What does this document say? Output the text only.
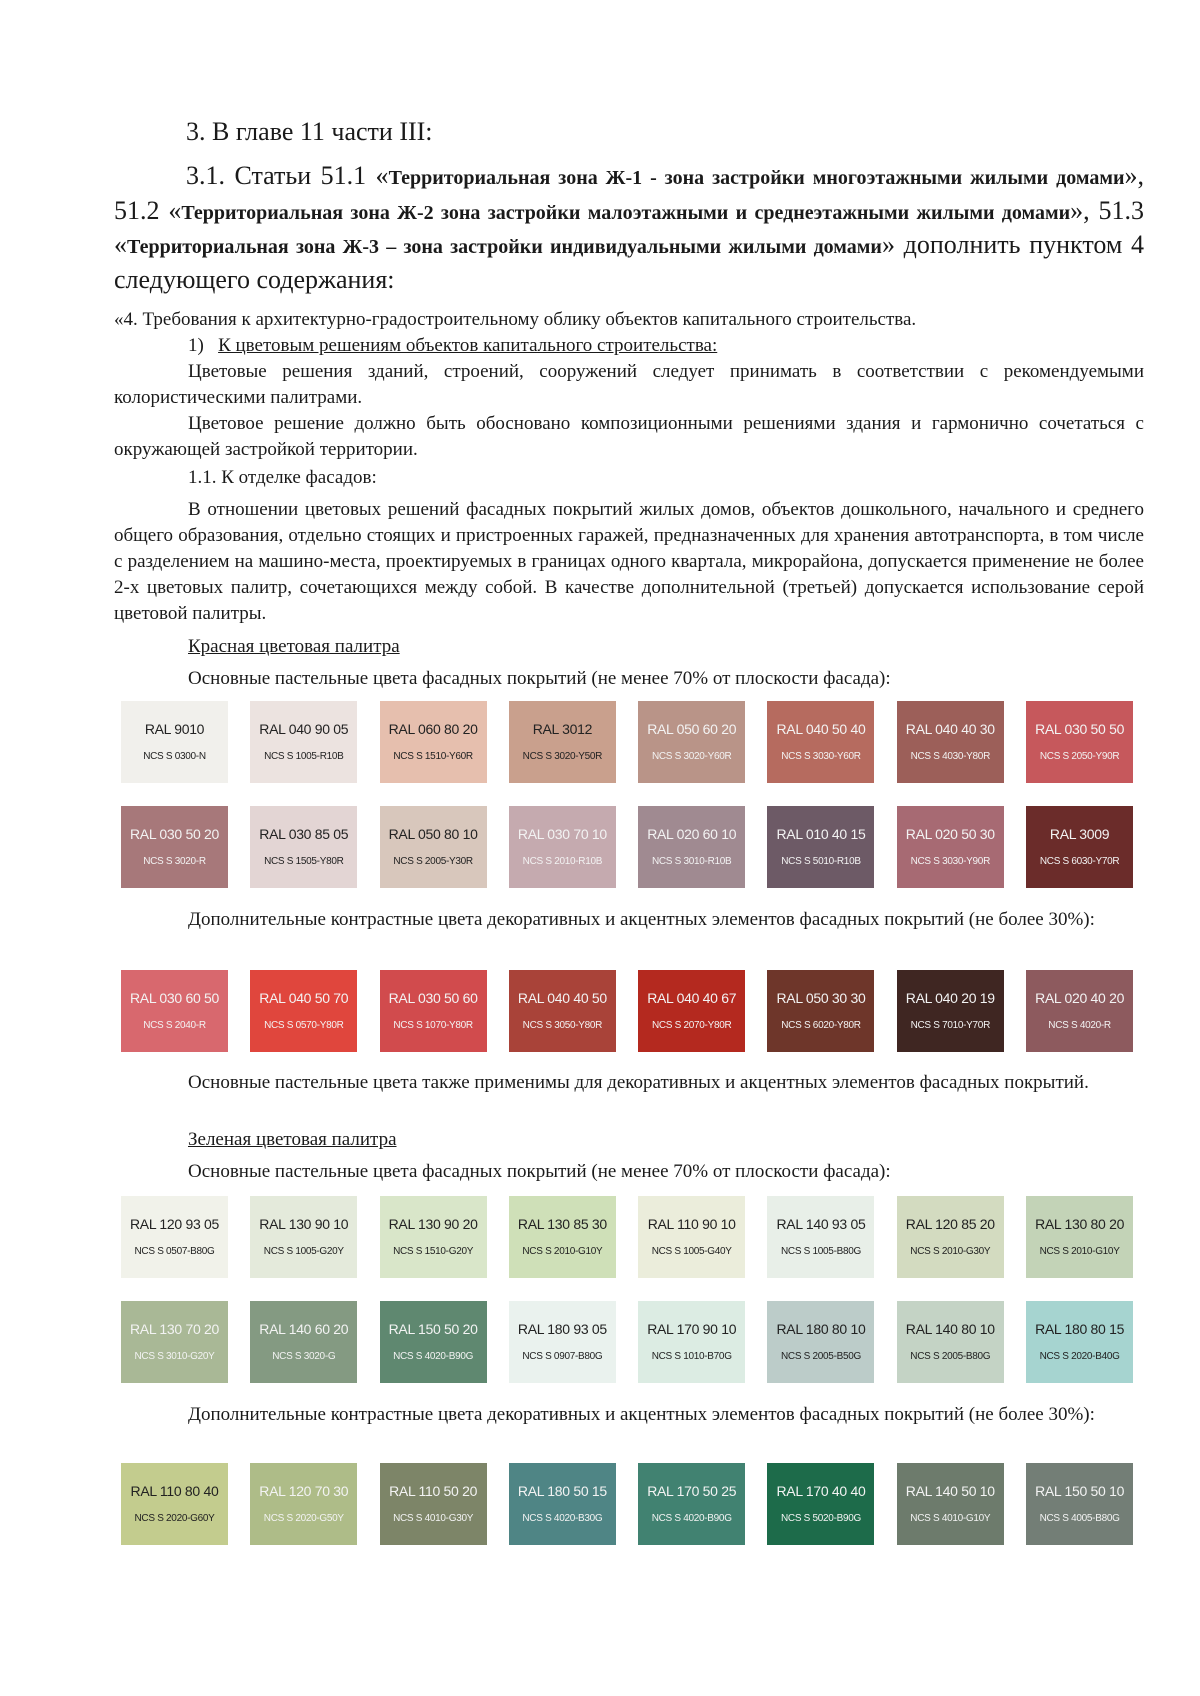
3. В главе 11 части III:
3.1. Статьи 51.1 «Территориальная зона Ж-1 - зона застройки многоэтажными жилыми домами», 51.2 «Территориальная зона Ж-2 зона застройки малоэтажными и среднеэтажными жилыми домами», 51.3 «Территориальная зона Ж-3 – зона застройки индивидуальными жилыми домами» дополнить пунктом 4 следующего содержания:
«4. Требования к архитектурно-градостроительному облику объектов капитального строительства.
1) К цветовым решениям объектов капитального строительства:
Цветовые решения зданий, строений, сооружений следует принимать в соответствии с рекомендуемыми колористическими палитрами.
Цветовое решение должно быть обосновано композиционными решениями здания и гармонично сочетаться с окружающей застройкой территории.
1.1. К отделке фасадов:
В отношении цветовых решений фасадных покрытий жилых домов, объектов дошкольного, начального и среднего общего образования, отдельно стоящих и пристроенных гаражей, предназначенных для хранения автотранспорта, в том числе с разделением на машино-места, проектируемых в границах одного квартала, микрорайона, допускается применение не более 2-х цветовых палитр, сочетающихся между собой. В качестве дополнительной (третьей) допускается использование серой цветовой палитры.
Красная цветовая палитра
Основные пастельные цвета фасадных покрытий (не менее 70% от плоскости фасада):
RAL 9010
NCS S 0300-N
RAL 040 90 05
NCS S 1005-R10B
RAL 060 80 20
NCS S 1510-Y60R
RAL 3012
NCS S 3020-Y50R
RAL 050 60 20
NCS S 3020-Y60R
RAL 040 50 40
NCS S 3030-Y60R
RAL 040 40 30
NCS S 4030-Y80R
RAL 030 50 50
NCS S 2050-Y90R
RAL 030 50 20
NCS S 3020-R
RAL 030 85 05
NCS S 1505-Y80R
RAL 050 80 10
NCS S 2005-Y30R
RAL 030 70 10
NCS S 2010-R10B
RAL 020 60 10
NCS S 3010-R10B
RAL 010 40 15
NCS S 5010-R10B
RAL 020 50 30
NCS S 3030-Y90R
RAL 3009
NCS S 6030-Y70R
Дополнительные контрастные цвета декоративных и акцентных элементов фасадных покрытий (не более 30%):
RAL 030 60 50
NCS S 2040-R
RAL 040 50 70
NCS S 0570-Y80R
RAL 030 50 60
NCS S 1070-Y80R
RAL 040 40 50
NCS S 3050-Y80R
RAL 040 40 67
NCS S 2070-Y80R
RAL 050 30 30
NCS S 6020-Y80R
RAL 040 20 19
NCS S 7010-Y70R
RAL 020 40 20
NCS S 4020-R
Основные пастельные цвета также применимы для декоративных и акцентных элементов фасадных покрытий.
Зеленая цветовая палитра
Основные пастельные цвета фасадных покрытий (не менее 70% от плоскости фасада):
RAL 120 93 05
NCS S 0507-B80G
RAL 130 90 10
NCS S 1005-G20Y
RAL 130 90 20
NCS S 1510-G20Y
RAL 130 85 30
NCS S 2010-G10Y
RAL 110 90 10
NCS S 1005-G40Y
RAL 140 93 05
NCS S 1005-B80G
RAL 120 85 20
NCS S 2010-G30Y
RAL 130 80 20
NCS S 2010-G10Y
RAL 130 70 20
NCS S 3010-G20Y
RAL 140 60 20
NCS S 3020-G
RAL 150 50 20
NCS S 4020-B90G
RAL 180 93 05
NCS S 0907-B80G
RAL 170 90 10
NCS S 1010-B70G
RAL 180 80 10
NCS S 2005-B50G
RAL 140 80 10
NCS S 2005-B80G
RAL 180 80 15
NCS S 2020-B40G
Дополнительные контрастные цвета декоративных и акцентных элементов фасадных покрытий (не более 30%):
RAL 110 80 40
NCS S 2020-G60Y
RAL 120 70 30
NCS S 2020-G50Y
RAL 110 50 20
NCS S 4010-G30Y
RAL 180 50 15
NCS S 4020-B30G
RAL 170 50 25
NCS S 4020-B90G
RAL 170 40 40
NCS S 5020-B90G
RAL 140 50 10
NCS S 4010-G10Y
RAL 150 50 10
NCS S 4005-B80G
